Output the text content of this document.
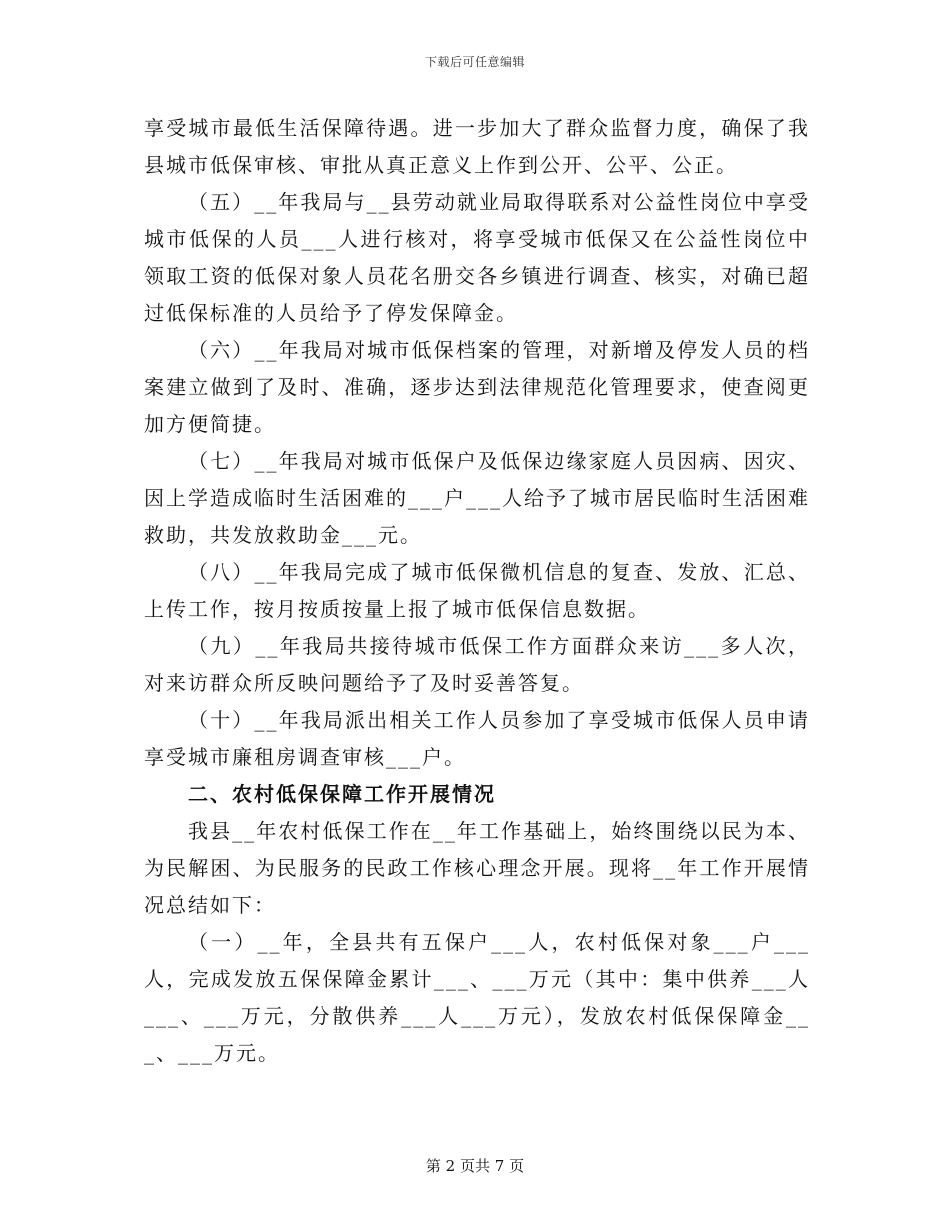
下载后可任意编辑

享受城市最低生活保障待遇。进一步加大了群众监督力度，确保了我县城市低保审核、审批从真正意义上作到公开、公平、公正。

（五）__年我局与__县劳动就业局取得联系对公益性岗位中享受城市低保的人员___人进行核对，将享受城市低保又在公益性岗位中领取工资的低保对象人员花名册交各乡镇进行调查、核实，对确已超过低保标准的人员给予了停发保障金。

（六）__年我局对城市低保档案的管理，对新增及停发人员的档案建立做到了及时、准确，逐步达到法律规范化管理要求，使查阅更加方便简捷。

（七）__年我局对城市低保户及低保边缘家庭人员因病、因灾、因上学造成临时生活困难的___户___人给予了城市居民临时生活困难救助，共发放救助金___元。

（八）__年我局完成了城市低保微机信息的复查、发放、汇总、上传工作，按月按质按量上报了城市低保信息数据。

（九）__年我局共接待城市低保工作方面群众来访___多人次，对来访群众所反映问题给予了及时妥善答复。

（十）__年我局派出相关工作人员参加了享受城市低保人员申请享受城市廉租房调查审核___户。

二、农村低保保障工作开展情况

我县__年农村低保工作在__年工作基础上，始终围绕以民为本、为民解困、为民服务的民政工作核心理念开展。现将__年工作开展情况总结如下：

（一）__年，全县共有五保户___人，农村低保对象___户___人，完成发放五保保障金累计___、___万元（其中：集中供养___人___、___万元，分散供养___人___万元），发放农村低保保障金___、___万元。

第 2 页共 7 页
